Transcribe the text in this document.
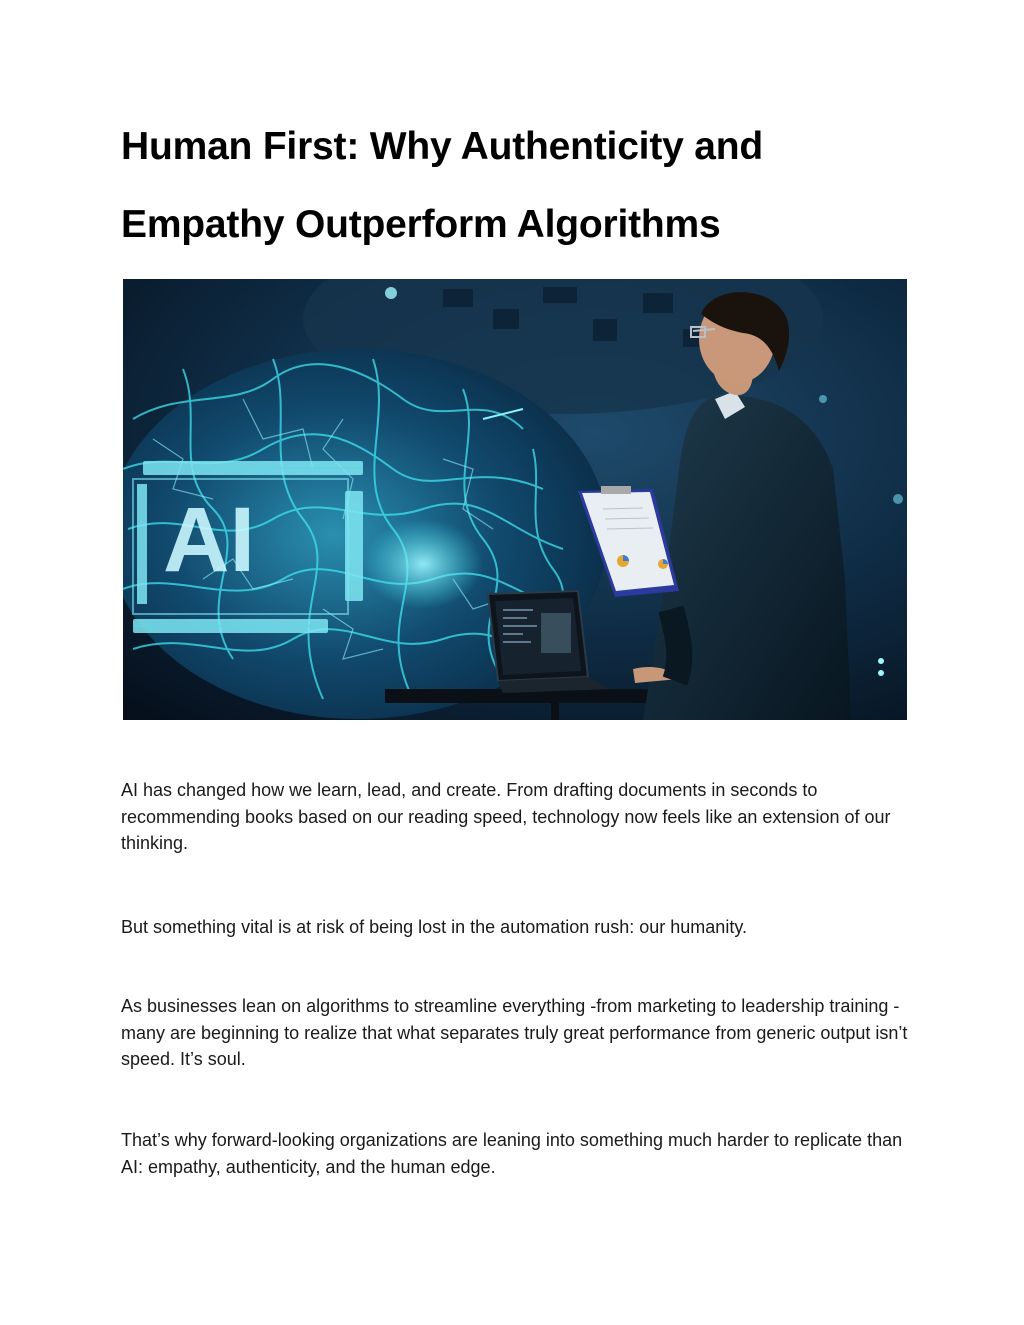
Human First: Why Authenticity and
Empathy Outperform Algorithms
AI

AI has changed how we learn, lead, and create. From drafting documents in seconds to recommending books based on our reading speed, technology now feels like an extension of our thinking.

But something vital is at risk of being lost in the automation rush: our humanity.

As businesses lean on algorithms to streamline everything -from marketing to leadership training -many are beginning to realize that what separates truly great performance from generic output isn’t speed. It’s soul.

That’s why forward-looking organizations are leaning into something much harder to replicate than AI: empathy, authenticity, and the human edge.
